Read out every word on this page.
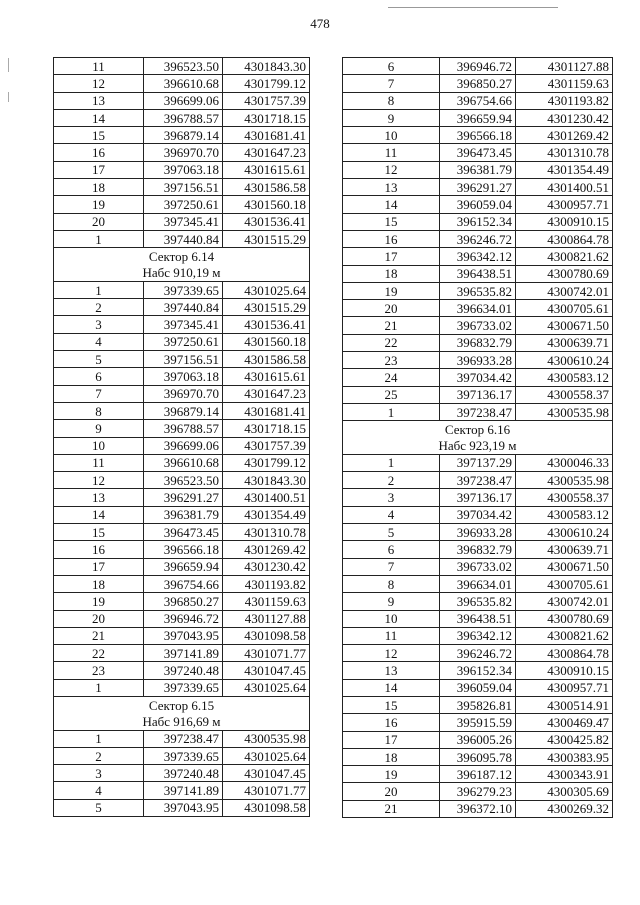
478
11	396523.50	4301843.30
12	396610.68	4301799.12
13	396699.06	4301757.39
14	396788.57	4301718.15
15	396879.14	4301681.41
16	396970.70	4301647.23
17	397063.18	4301615.61
18	397156.51	4301586.58
19	397250.61	4301560.18
20	397345.41	4301536.41
1	397440.84	4301515.29
Сектор 6.14		
Набс 910,19 м		
1	397339.65	4301025.64
2	397440.84	4301515.29
3	397345.41	4301536.41
4	397250.61	4301560.18
5	397156.51	4301586.58
6	397063.18	4301615.61
7	396970.70	4301647.23
8	396879.14	4301681.41
9	396788.57	4301718.15
10	396699.06	4301757.39
11	396610.68	4301799.12
12	396523.50	4301843.30
13	396291.27	4301400.51
14	396381.79	4301354.49
15	396473.45	4301310.78
16	396566.18	4301269.42
17	396659.94	4301230.42
18	396754.66	4301193.82
19	396850.27	4301159.63
20	396946.72	4301127.88
21	397043.95	4301098.58
22	397141.89	4301071.77
23	397240.48	4301047.45
1	397339.65	4301025.64
Сектор 6.15		
Набс 916,69 м		
1	397238.47	4300535.98
2	397339.65	4301025.64
3	397240.48	4301047.45
4	397141.89	4301071.77
5	397043.95	4301098.58
6	396946.72	4301127.88
7	396850.27	4301159.63
8	396754.66	4301193.82
9	396659.94	4301230.42
10	396566.18	4301269.42
11	396473.45	4301310.78
12	396381.79	4301354.49
13	396291.27	4301400.51
14	396059.04	4300957.71
15	396152.34	4300910.15
16	396246.72	4300864.78
17	396342.12	4300821.62
18	396438.51	4300780.69
19	396535.82	4300742.01
20	396634.01	4300705.61
21	396733.02	4300671.50
22	396832.79	4300639.71
23	396933.28	4300610.24
24	397034.42	4300583.12
25	397136.17	4300558.37
1	397238.47	4300535.98
Сектор 6.16		
Набс 923,19 м		
1	397137.29	4300046.33
2	397238.47	4300535.98
3	397136.17	4300558.37
4	397034.42	4300583.12
5	396933.28	4300610.24
6	396832.79	4300639.71
7	396733.02	4300671.50
8	396634.01	4300705.61
9	396535.82	4300742.01
10	396438.51	4300780.69
11	396342.12	4300821.62
12	396246.72	4300864.78
13	396152.34	4300910.15
14	396059.04	4300957.71
15	395826.81	4300514.91
16	395915.59	4300469.47
17	396005.26	4300425.82
18	396095.78	4300383.95
19	396187.12	4300343.91
20	396279.23	4300305.69
21	396372.10	4300269.32
